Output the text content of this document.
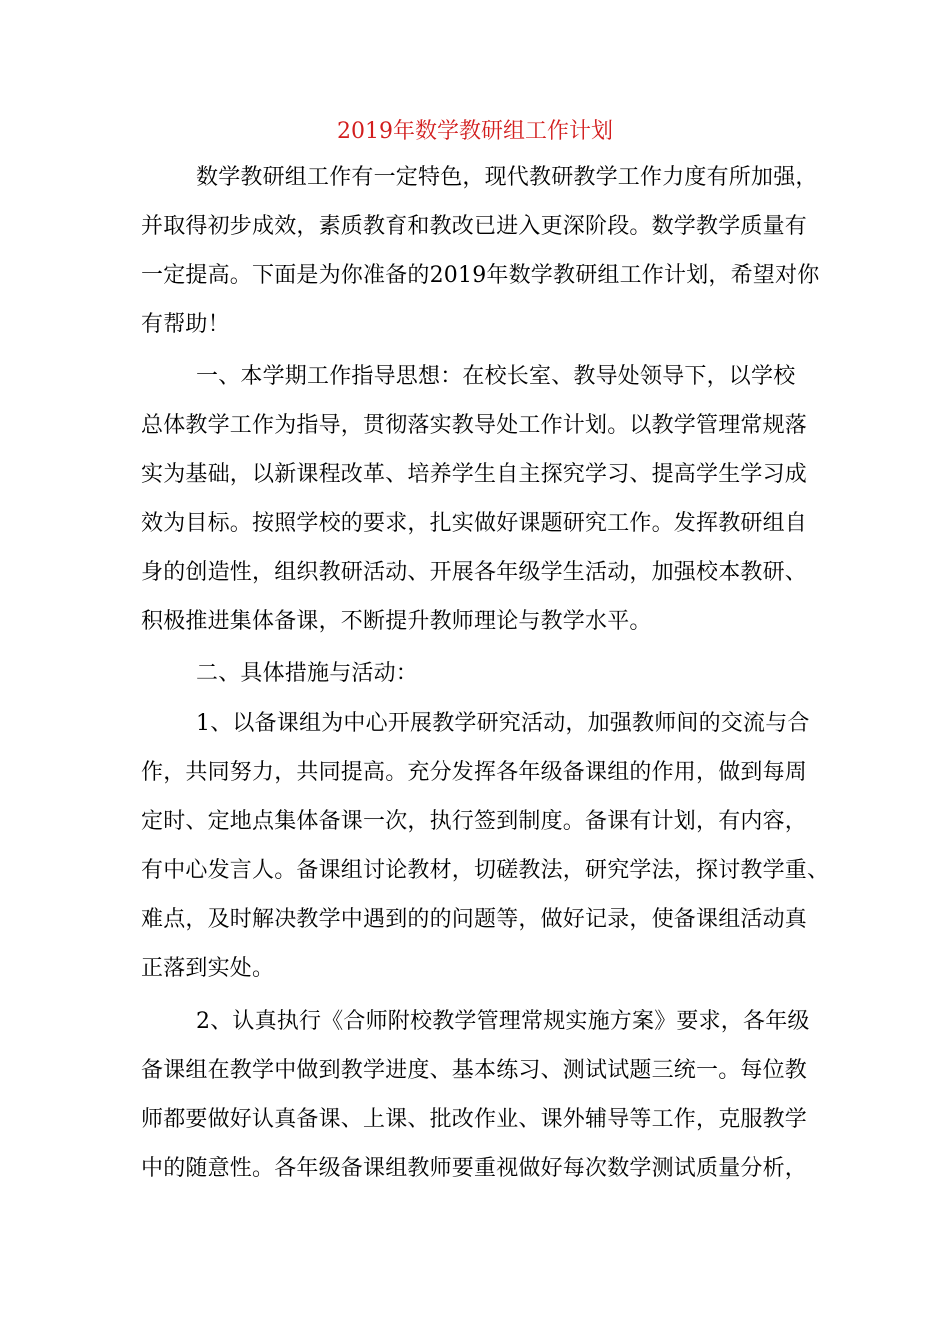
2019年数学教研组工作计划
数学教研组工作有一定特色，现代教研教学工作力度有所加强，
并取得初步成效，素质教育和教改已进入更深阶段。数学教学质量有
一定提高。下面是为你准备的2019年数学教研组工作计划，希望对你
有帮助！
一、本学期工作指导思想：在校长室、教导处领导下，以学校
总体教学工作为指导，贯彻落实教导处工作计划。以教学管理常规落
实为基础，以新课程改革、培养学生自主探究学习、提高学生学习成
效为目标。按照学校的要求，扎实做好课题研究工作。发挥教研组自
身的创造性，组织教研活动、开展各年级学生活动，加强校本教研、
积极推进集体备课，不断提升教师理论与教学水平。
二、具体措施与活动：
1、以备课组为中心开展教学研究活动，加强教师间的交流与合
作，共同努力，共同提高。充分发挥各年级备课组的作用，做到每周
定时、定地点集体备课一次，执行签到制度。备课有计划，有内容，
有中心发言人。备课组讨论教材，切磋教法，研究学法，探讨教学重、
难点，及时解决教学中遇到的的问题等，做好记录，使备课组活动真
正落到实处。
2、认真执行《合师附校教学管理常规实施方案》要求，各年级
备课组在教学中做到教学进度、基本练习、测试试题三统一。每位教
师都要做好认真备课、上课、批改作业、课外辅导等工作，克服教学
中的随意性。各年级备课组教师要重视做好每次数学测试质量分析，
